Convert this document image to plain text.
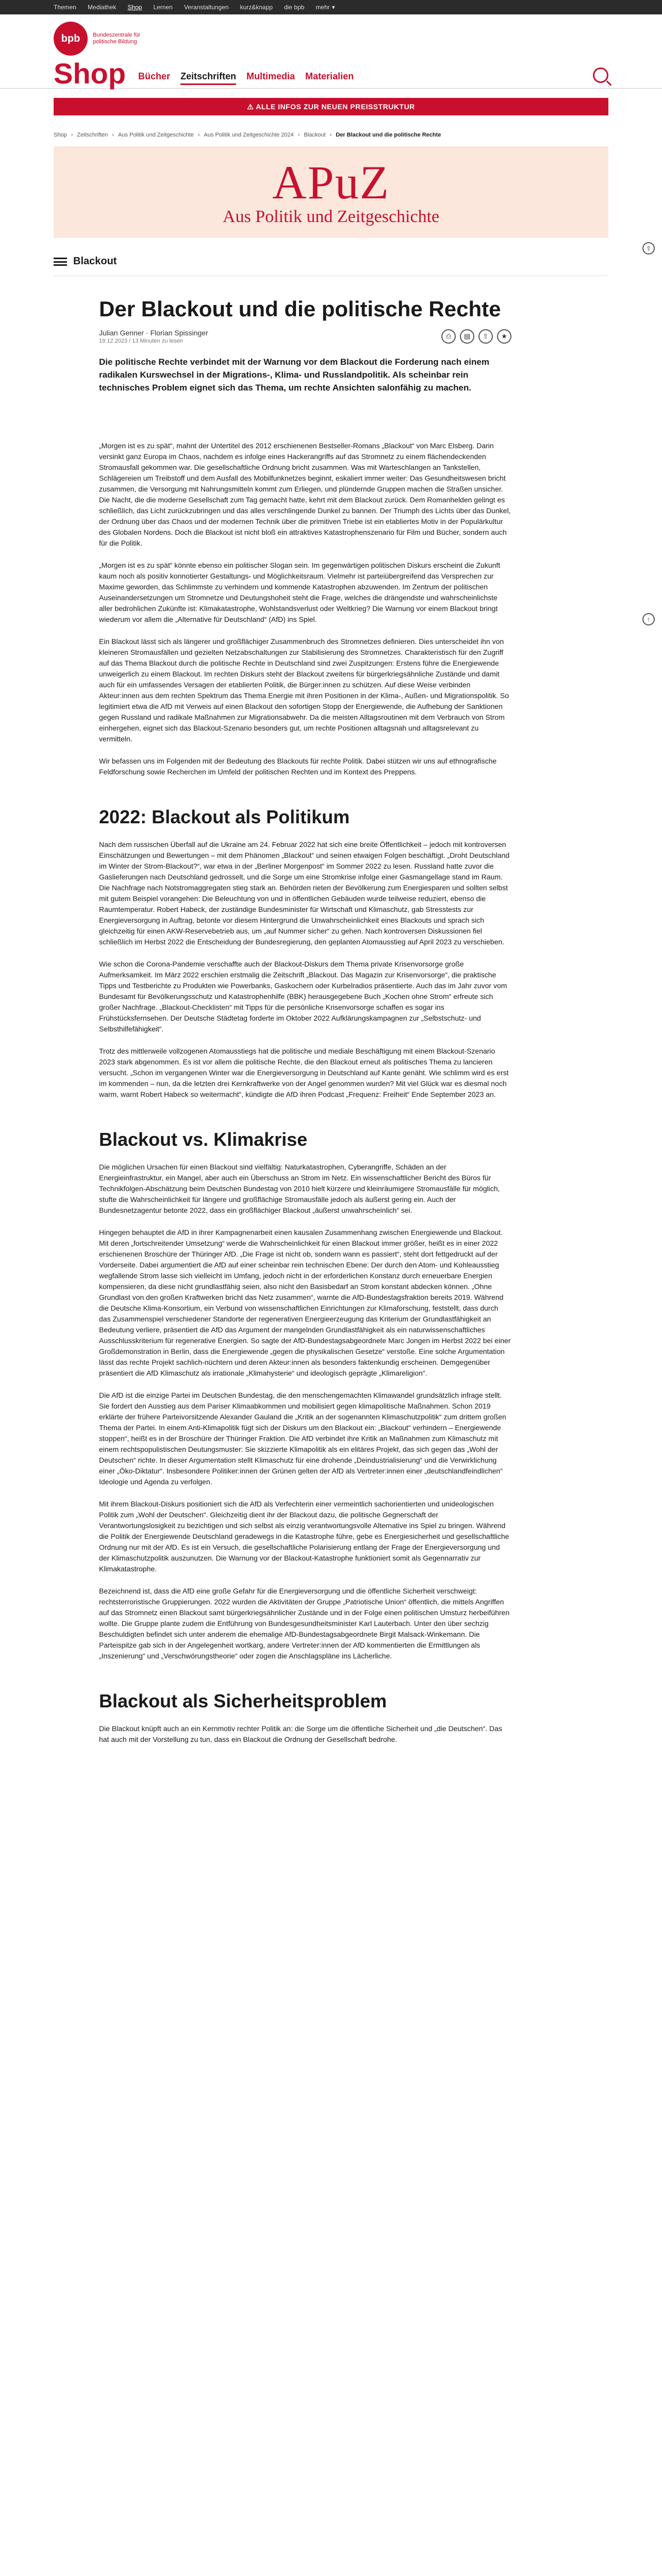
Themen Mediathek Shop Lernen Veranstaltungen kurz&knapp die bpb mehr ▾
bpb	Bundeszentrale für
politische Bildung
Shop Bücher Zeitschriften Multimedia Materialien
⚠ ALLE INFOS ZUR NEUEN PREISSTRUKTUR
Shop › Zeitschriften › Aus Politik und Zeitgeschichte › Aus Politik und Zeitgeschichte 2024 › Blackout › Der Blackout und die politische Rechte
APuZ
Aus Politik und Zeitgeschichte
Blackout
⇪
↑
Der Blackout und die politische Rechte
Julian Genner · Florian Spissinger
19.12.2023 / 13 Minuten zu lesen
⎙	▤	⇧	★
Die politische Rechte verbindet mit der Warnung vor dem Blackout die Forderung nach einem radikalen Kurswechsel in der Migrations-, Klima- und Russlandpolitik. Als scheinbar rein technisches Problem eignet sich das Thema, um rechte Ansichten salonfähig zu machen.

„Morgen ist es zu spät“, mahnt der Untertitel des 2012 erschienenen Bestseller-Romans „Blackout“ von Marc Elsberg. Darin versinkt ganz Europa im Chaos, nachdem es infolge eines Hackerangriffs auf das Stromnetz zu einem flächendeckenden Stromausfall gekommen war. Die gesellschaftliche Ordnung bricht zusammen. Was mit Warteschlangen an Tankstellen, Schlägereien um Treibstoff und dem Ausfall des Mobilfunknetzes beginnt, eskaliert immer weiter: Das Gesundheitswesen bricht zusammen, die Versorgung mit Nahrungsmitteln kommt zum Erliegen, und plündernde Gruppen machen die Straßen unsicher. Die Nacht, die die moderne Gesellschaft zum Tag gemacht hatte, kehrt mit dem Blackout zurück. Dem Romanhelden gelingt es schließlich, das Licht zurückzubringen und das alles verschlingende Dunkel zu bannen. Der Triumph des Lichts über das Dunkel, der Ordnung über das Chaos und der modernen Technik über die primitiven Triebe ist ein etabliertes Motiv in der Populärkultur des Globalen Nordens. Doch die Blackout ist nicht bloß ein attraktives Katastrophenszenario für Film und Bücher, sondern auch für die Politik.

„Morgen ist es zu spät“ könnte ebenso ein politischer Slogan sein. Im gegenwärtigen politischen Diskurs erscheint die Zukunft kaum noch als positiv konnotierter Gestaltungs- und Möglichkeitsraum. Vielmehr ist parteiübergreifend das Versprechen zur Maxime geworden, das Schlimmste zu verhindern und kommende Katastrophen abzuwenden. Im Zentrum der politischen Auseinandersetzungen um Stromnetze und Deutungshoheit steht die Frage, welches die drängendste und wahrscheinlichste aller bedrohlichen Zukünfte ist: Klimakatastrophe, Wohlstandsverlust oder Weltkrieg? Die Warnung vor einem Blackout bringt wiederum vor allem die „Alternative für Deutschland“ (AfD) ins Spiel.

Ein Blackout lässt sich als längerer und großflächiger Zusammenbruch des Stromnetzes definieren. Dies unterscheidet ihn von kleineren Stromausfällen und gezielten Netzabschaltungen zur Stabilisierung des Stromnetzes. Charakteristisch für den Zugriff auf das Thema Blackout durch die politische Rechte in Deutschland sind zwei Zuspitzungen: Erstens führe die Energiewende unweigerlich zu einem Blackout. Im rechten Diskurs steht der Blackout zweitens für bürgerkriegsähnliche Zustände und damit auch für ein umfassendes Versagen der etablierten Politik, die Bürger:innen zu schützen. Auf diese Weise verbinden Akteur:innen aus dem rechten Spektrum das Thema Energie mit ihren Positionen in der Klima-, Außen- und Migrationspolitik. So legitimiert etwa die AfD mit Verweis auf einen Blackout den sofortigen Stopp der Energiewende, die Aufhebung der Sanktionen gegen Russland und radikale Maßnahmen zur Migrationsabwehr. Da die meisten Alltagsroutinen mit dem Verbrauch von Strom einhergehen, eignet sich das Blackout-Szenario besonders gut, um rechte Positionen alltagsnah und alltagsrelevant zu vermitteln.

Wir befassen uns im Folgenden mit der Bedeutung des Blackouts für rechte Politik. Dabei stützen wir uns auf ethnografische Feldforschung sowie Recherchen im Umfeld der politischen Rechten und im Kontext des Preppens.

2022: Blackout als Politikum

Nach dem russischen Überfall auf die Ukraine am 24. Februar 2022 hat sich eine breite Öffentlichkeit – jedoch mit kontroversen Einschätzungen und Bewertungen – mit dem Phänomen „Blackout“ und seinen etwaigen Folgen beschäftigt. „Droht Deutschland im Winter der Strom-Blackout?“, war etwa in der „Berliner Morgenpost“ im Sommer 2022 zu lesen. Russland hatte zuvor die Gaslieferungen nach Deutschland gedrosselt, und die Sorge um eine Stromkrise infolge einer Gasmangellage stand im Raum. Die Nachfrage nach Notstromaggregaten stieg stark an. Behörden rieten der Bevölkerung zum Energiesparen und sollten selbst mit gutem Beispiel vorangehen: Die Beleuchtung von und in öffentlichen Gebäuden wurde teilweise reduziert, ebenso die Raumtemperatur. Robert Habeck, der zuständige Bundesminister für Wirtschaft und Klimaschutz, gab Stresstests zur Energieversorgung in Auftrag, betonte vor diesem Hintergrund die Unwahrscheinlichkeit eines Blackouts und sprach sich gleichzeitig für einen AKW-Reservebetrieb aus, um „auf Nummer sicher“ zu gehen. Nach kontroversen Diskussionen fiel schließlich im Herbst 2022 die Entscheidung der Bundesregierung, den geplanten Atomausstieg auf April 2023 zu verschieben.

Wie schon die Corona-Pandemie verschaffte auch der Blackout-Diskurs dem Thema private Krisenvorsorge große Aufmerksamkeit. Im März 2022 erschien erstmalig die Zeitschrift „Blackout. Das Magazin zur Krisenvorsorge“, die praktische Tipps und Testberichte zu Produkten wie Powerbanks, Gaskochern oder Kurbelradios präsentierte. Auch das im Jahr zuvor vom Bundesamt für Bevölkerungsschutz und Katastrophenhilfe (BBK) herausgegebene Buch „Kochen ohne Strom“ erfreute sich großer Nachfrage. „Blackout-Checklisten“ mit Tipps für die persönliche Krisenvorsorge schaffen es sogar ins Frühstücksfernsehen. Der Deutsche Städtetag forderte im Oktober 2022 Aufklärungskampagnen zur „Selbstschutz- und Selbsthilfefähigkeit“.

Trotz des mittlerweile vollzogenen Atomausstiegs hat die politische und mediale Beschäftigung mit einem Blackout-Szenario 2023 stark abgenommen. Es ist vor allem die politische Rechte, die den Blackout erneut als politisches Thema zu lancieren versucht. „Schon im vergangenen Winter war die Energieversorgung in Deutschland auf Kante genäht. Wie schlimm wird es erst im kommenden – nun, da die letzten drei Kernkraftwerke von der Angel genommen wurden? Mit viel Glück war es diesmal noch warm, warnt Robert Habeck so weitermacht“, kündigte die AfD ihren Podcast „Frequenz: Freiheit“ Ende September 2023 an.

Blackout vs. Klimakrise

Die möglichen Ursachen für einen Blackout sind vielfältig: Naturkatastrophen, Cyberangriffe, Schäden an der Energieinfrastruktur, ein Mangel, aber auch ein Überschuss an Strom im Netz. Ein wissenschaftlicher Bericht des Büros für Technikfolgen-Abschätzung beim Deutschen Bundestag von 2010 hielt kürzere und kleinräumigere Stromausfälle für möglich, stufte die Wahrscheinlichkeit für längere und großflächige Stromausfälle jedoch als äußerst gering ein. Auch der Bundesnetzagentur betonte 2022, dass ein großflächiger Blackout „äußerst unwahrscheinlich“ sei.

Hingegen behauptet die AfD in ihrer Kampagnenarbeit einen kausalen Zusammenhang zwischen Energiewende und Blackout. Mit deren „fortschreitender Umsetzung“ werde die Wahrscheinlichkeit für einen Blackout immer größer, heißt es in einer 2022 erschienenen Broschüre der Thüringer AfD. „Die Frage ist nicht ob, sondern wann es passiert“, steht dort fettgedruckt auf der Vorderseite. Dabei argumentiert die AfD auf einer scheinbar rein technischen Ebene: Der durch den Atom- und Kohleausstieg wegfallende Strom lasse sich vielleicht im Umfang, jedoch nicht in der erforderlichen Konstanz durch erneuerbare Energien kompensieren, da diese nicht grundlastfähig seien, also nicht den Basisbedarf an Strom konstant abdecken können. „Ohne Grundlast von den großen Kraftwerken bricht das Netz zusammen“, warnte die AfD-Bundestagsfraktion bereits 2019. Während die Deutsche Klima-Konsortium, ein Verbund von wissenschaftlichen Einrichtungen zur Klimaforschung, feststellt, dass durch das Zusammenspiel verschiedener Standorte der regenerativen Energieerzeugung das Kriterium der Grundlastfähigkeit an Bedeutung verliere, präsentiert die AfD das Argument der mangelnden Grundlastfähigkeit als ein naturwissenschaftliches Ausschlusskriterium für regenerative Energien. So sagte der AfD-Bundestagsabgeordnete Marc Jongen im Herbst 2022 bei einer Großdemonstration in Berlin, dass die Energiewende „gegen die physikalischen Gesetze“ verstoße. Eine solche Argumentation lässt das rechte Projekt sachlich-nüchtern und deren Akteur:innen als besonders faktenkundig erscheinen. Demgegenüber präsentiert die AfD Klimaschutz als irrationale „Klimahysterie“ und ideologisch geprägte „Klimareligion“.

Die AfD ist die einzige Partei im Deutschen Bundestag, die den menschengemachten Klimawandel grundsätzlich infrage stellt. Sie fordert den Ausstieg aus dem Pariser Klimaabkommen und mobilisiert gegen klimapolitische Maßnahmen. Schon 2019 erklärte der frühere Parteivorsitzende Alexander Gauland die „Kritik an der sogenannten Klimaschutzpolitik“ zum drittem großen Thema der Partei. In einem Anti-Klimapolitik fügt sich der Diskurs um den Blackout ein: „Blackout“ verhindern – Energiewende stoppen“, heißt es in der Broschüre der Thüringer Fraktion. Die AfD verbindet ihre Kritik an Maßnahmen zum Klimaschutz mit einem rechtspopulistischen Deutungsmuster: Sie skizzierte Klimapolitik als ein elitäres Projekt, das sich gegen das „Wohl der Deutschen“ richte. In dieser Argumentation stellt Klimaschutz für eine drohende „Deindustrialisierung“ und die Verwirklichung einer „Öko-Diktatur“. Insbesondere Politiker:innen der Grünen gelten der AfD als Vertreter:innen einer „deutschlandfeindlichen“ Ideologie und Agenda zu verfolgen.

Mit ihrem Blackout-Diskurs positioniert sich die AfD als Verfechterin einer vermeintlich sachorientierten und unideologischen Politik zum „Wohl der Deutschen“. Gleichzeitig dient ihr der Blackout dazu, die politische Gegnerschaft der Verantwortungslosigkeit zu bezichtigen und sich selbst als einzig verantwortungsvolle Alternative ins Spiel zu bringen. Während die Politik der Energiewende Deutschland geradewegs in die Katastrophe führe, gebe es Energiesicherheit und gesellschaftliche Ordnung nur mit der AfD. Es ist ein Versuch, die gesellschaftliche Polarisierung entlang der Frage der Energieversorgung und der Klimaschutzpolitik auszunutzen. Die Warnung vor der Blackout-Katastrophe funktioniert somit als Gegennarrativ zur Klimakatastrophe.

Bezeichnend ist, dass die AfD eine große Gefahr für die Energieversorgung und die öffentliche Sicherheit verschweigt: rechtsterroristische Gruppierungen. 2022 wurden die Aktivitäten der Gruppe „Patriotische Union“ öffentlich, die mittels Angriffen auf das Stromnetz einen Blackout samt bürgerkriegsähnlicher Zustände und in der Folge einen politischen Umsturz herbeiführen wollte. Die Gruppe plante zudem die Entführung von Bundesgesundheitsminister Karl Lauterbach. Unter den über sechzig Beschuldigten befindet sich unter anderem die ehemalige AfD-Bundestagsabgeordnete Birgit Malsack-Winkemann. Die Parteispitze gab sich in der Angelegenheit wortkarg, andere Vertreter:innen der AfD kommentierten die Ermittlungen als „Inszenierung“ und „Verschwörungstheorie“ oder zogen die Anschlagspläne ins Lächerliche.

Blackout als Sicherheitsproblem

Die Blackout knüpft auch an ein Kernmotiv rechter Politik an: die Sorge um die öffentliche Sicherheit und „die Deutschen“. Das hat auch mit der Vorstellung zu tun, dass ein Blackout die Ordnung der Gesellschaft bedrohe.
